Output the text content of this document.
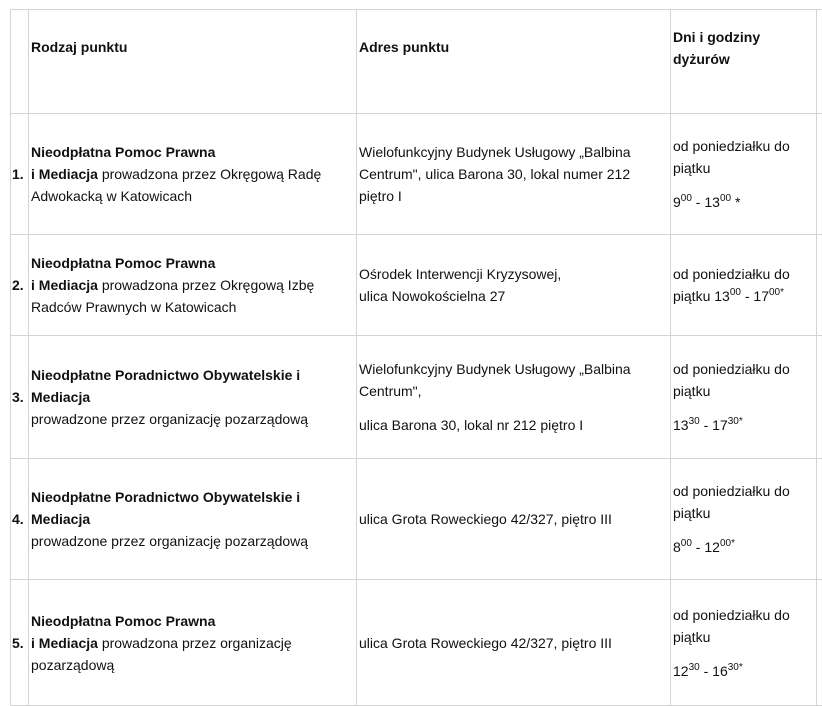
	Rodzaj punktu	Adres punktu	Dni i godziny
dyżurów	
1.	Nieodpłatna Pomoc Prawna
i Mediacja prowadzona przez Okręgową Radę Adwokacką w Katowicach	Wielofunkcyjny Budynek Usługowy „Balbina Centrum", ulica Barona 30, lokal numer 212 piętro I	od poniedziałku do piątku
$9^{00} - 13^{00}$ *	
2.	Nieodpłatna Pomoc Prawna
i Mediacja prowadzona przez Okręgową Izbę Radców Prawnych w Katowicach	Ośrodek Interwencji Kryzysowej,
ulica Nowokościelna 27	od poniedziałku do piątku $13^{00} - 17^{00*}$	
3.	Nieodpłatne Poradnictwo Obywatelskie i
Mediacja
prowadzone przez organizację pozarządową	Wielofunkcyjny Budynek Usługowy „Balbina Centrum",
ulica Barona 30, lokal nr 212 piętro I	od poniedziałku do piątku
$13^{30} - 17^{30*}$	
4.	Nieodpłatne Poradnictwo Obywatelskie i
Mediacja
prowadzone przez organizację pozarządową	ulica Grota Roweckiego 42/327, piętro III	od poniedziałku do piątku
$8^{00} - 12^{00*}$	
5.	Nieodpłatna Pomoc Prawna
i Mediacja prowadzona przez organizację pozarządową	ulica Grota Roweckiego 42/327, piętro III	od poniedziałku do piątku
$12^{30} - 16^{30*}$	
